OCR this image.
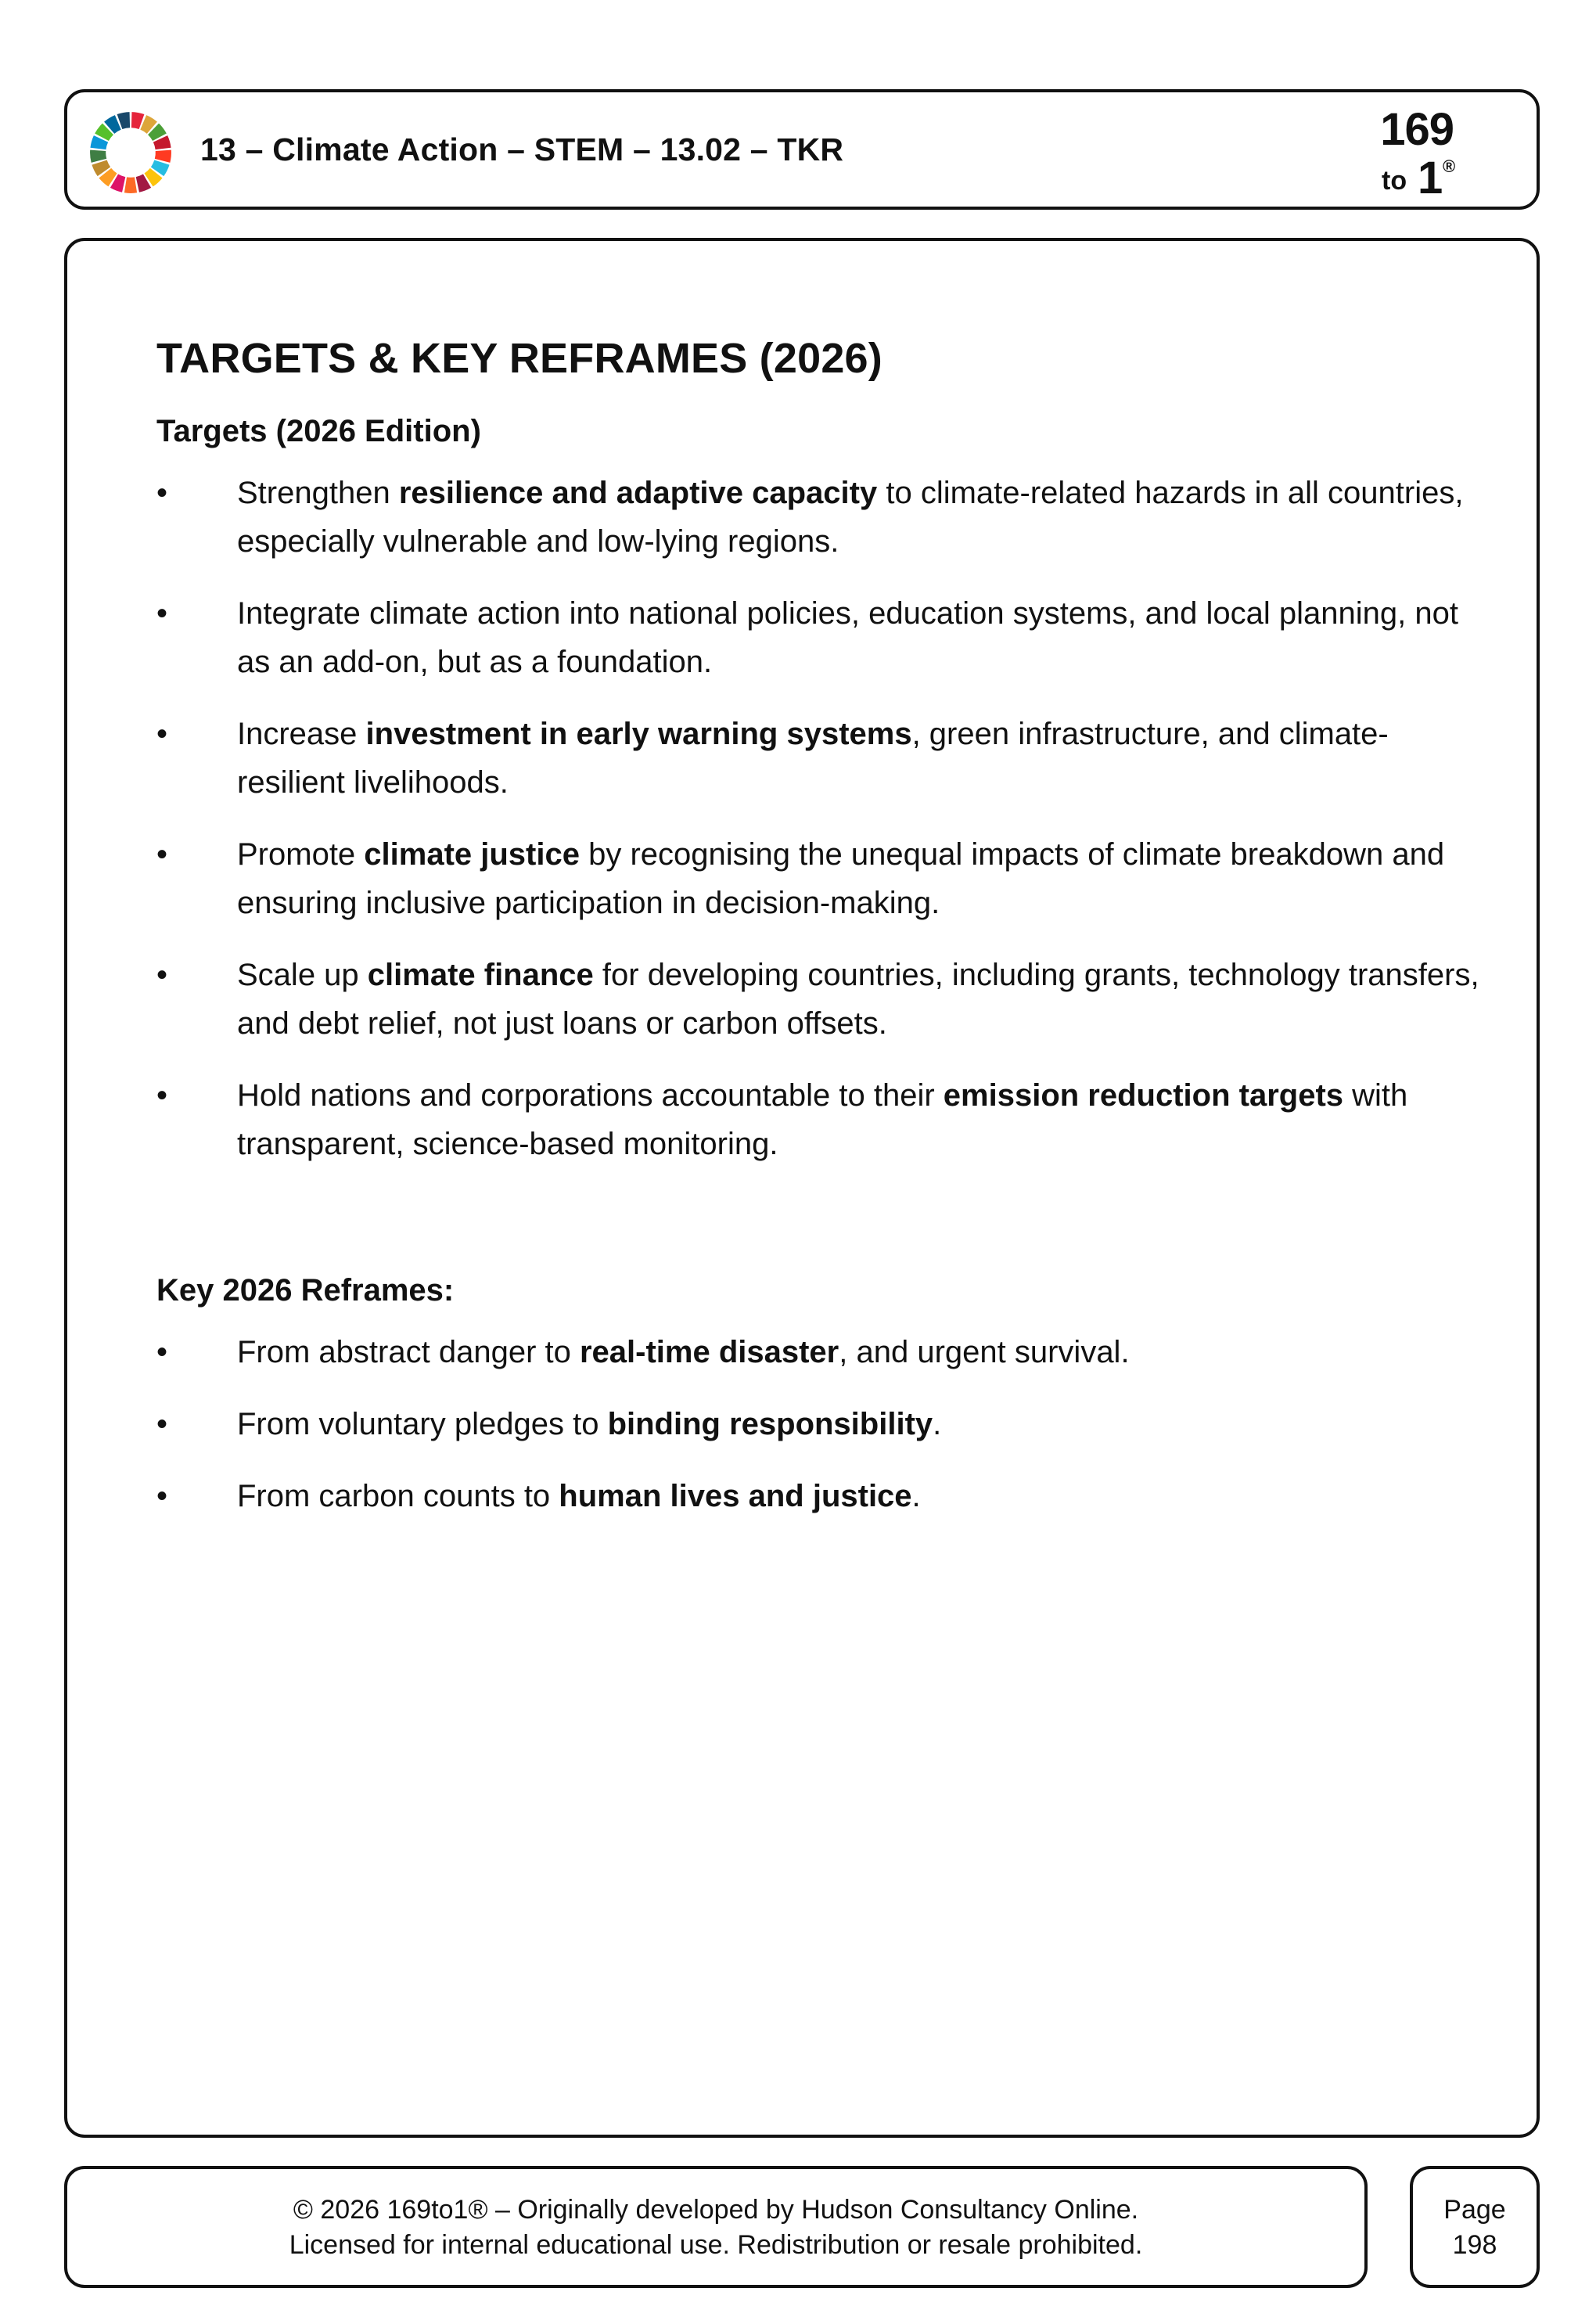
13 – Climate Action – STEM – 13.02 – TKR	169
to 1 ®
TARGETS & KEY REFRAMES (2026)
Targets (2026 Edition)
• Strengthen resilience and adaptive capacity to climate-related hazards in all countries, especially vulnerable and low-lying regions.
• Integrate climate action into national policies, education systems, and local planning, not as an add-on, but as a foundation.
• Increase investment in early warning systems, green infrastructure, and climate-resilient livelihoods.
• Promote climate justice by recognising the unequal impacts of climate breakdown and ensuring inclusive participation in decision-making.
• Scale up climate finance for developing countries, including grants, technology transfers, and debt relief, not just loans or carbon offsets.
• Hold nations and corporations accountable to their emission reduction targets with transparent, science-based monitoring.
Key 2026 Reframes:
• From abstract danger to real-time disaster, and urgent survival.
• From voluntary pledges to binding responsibility.
• From carbon counts to human lives and justice.
© 2026 169to1® – Originally developed by Hudson Consultancy Online.
Licensed for internal educational use. Redistribution or resale prohibited.
Page
198
